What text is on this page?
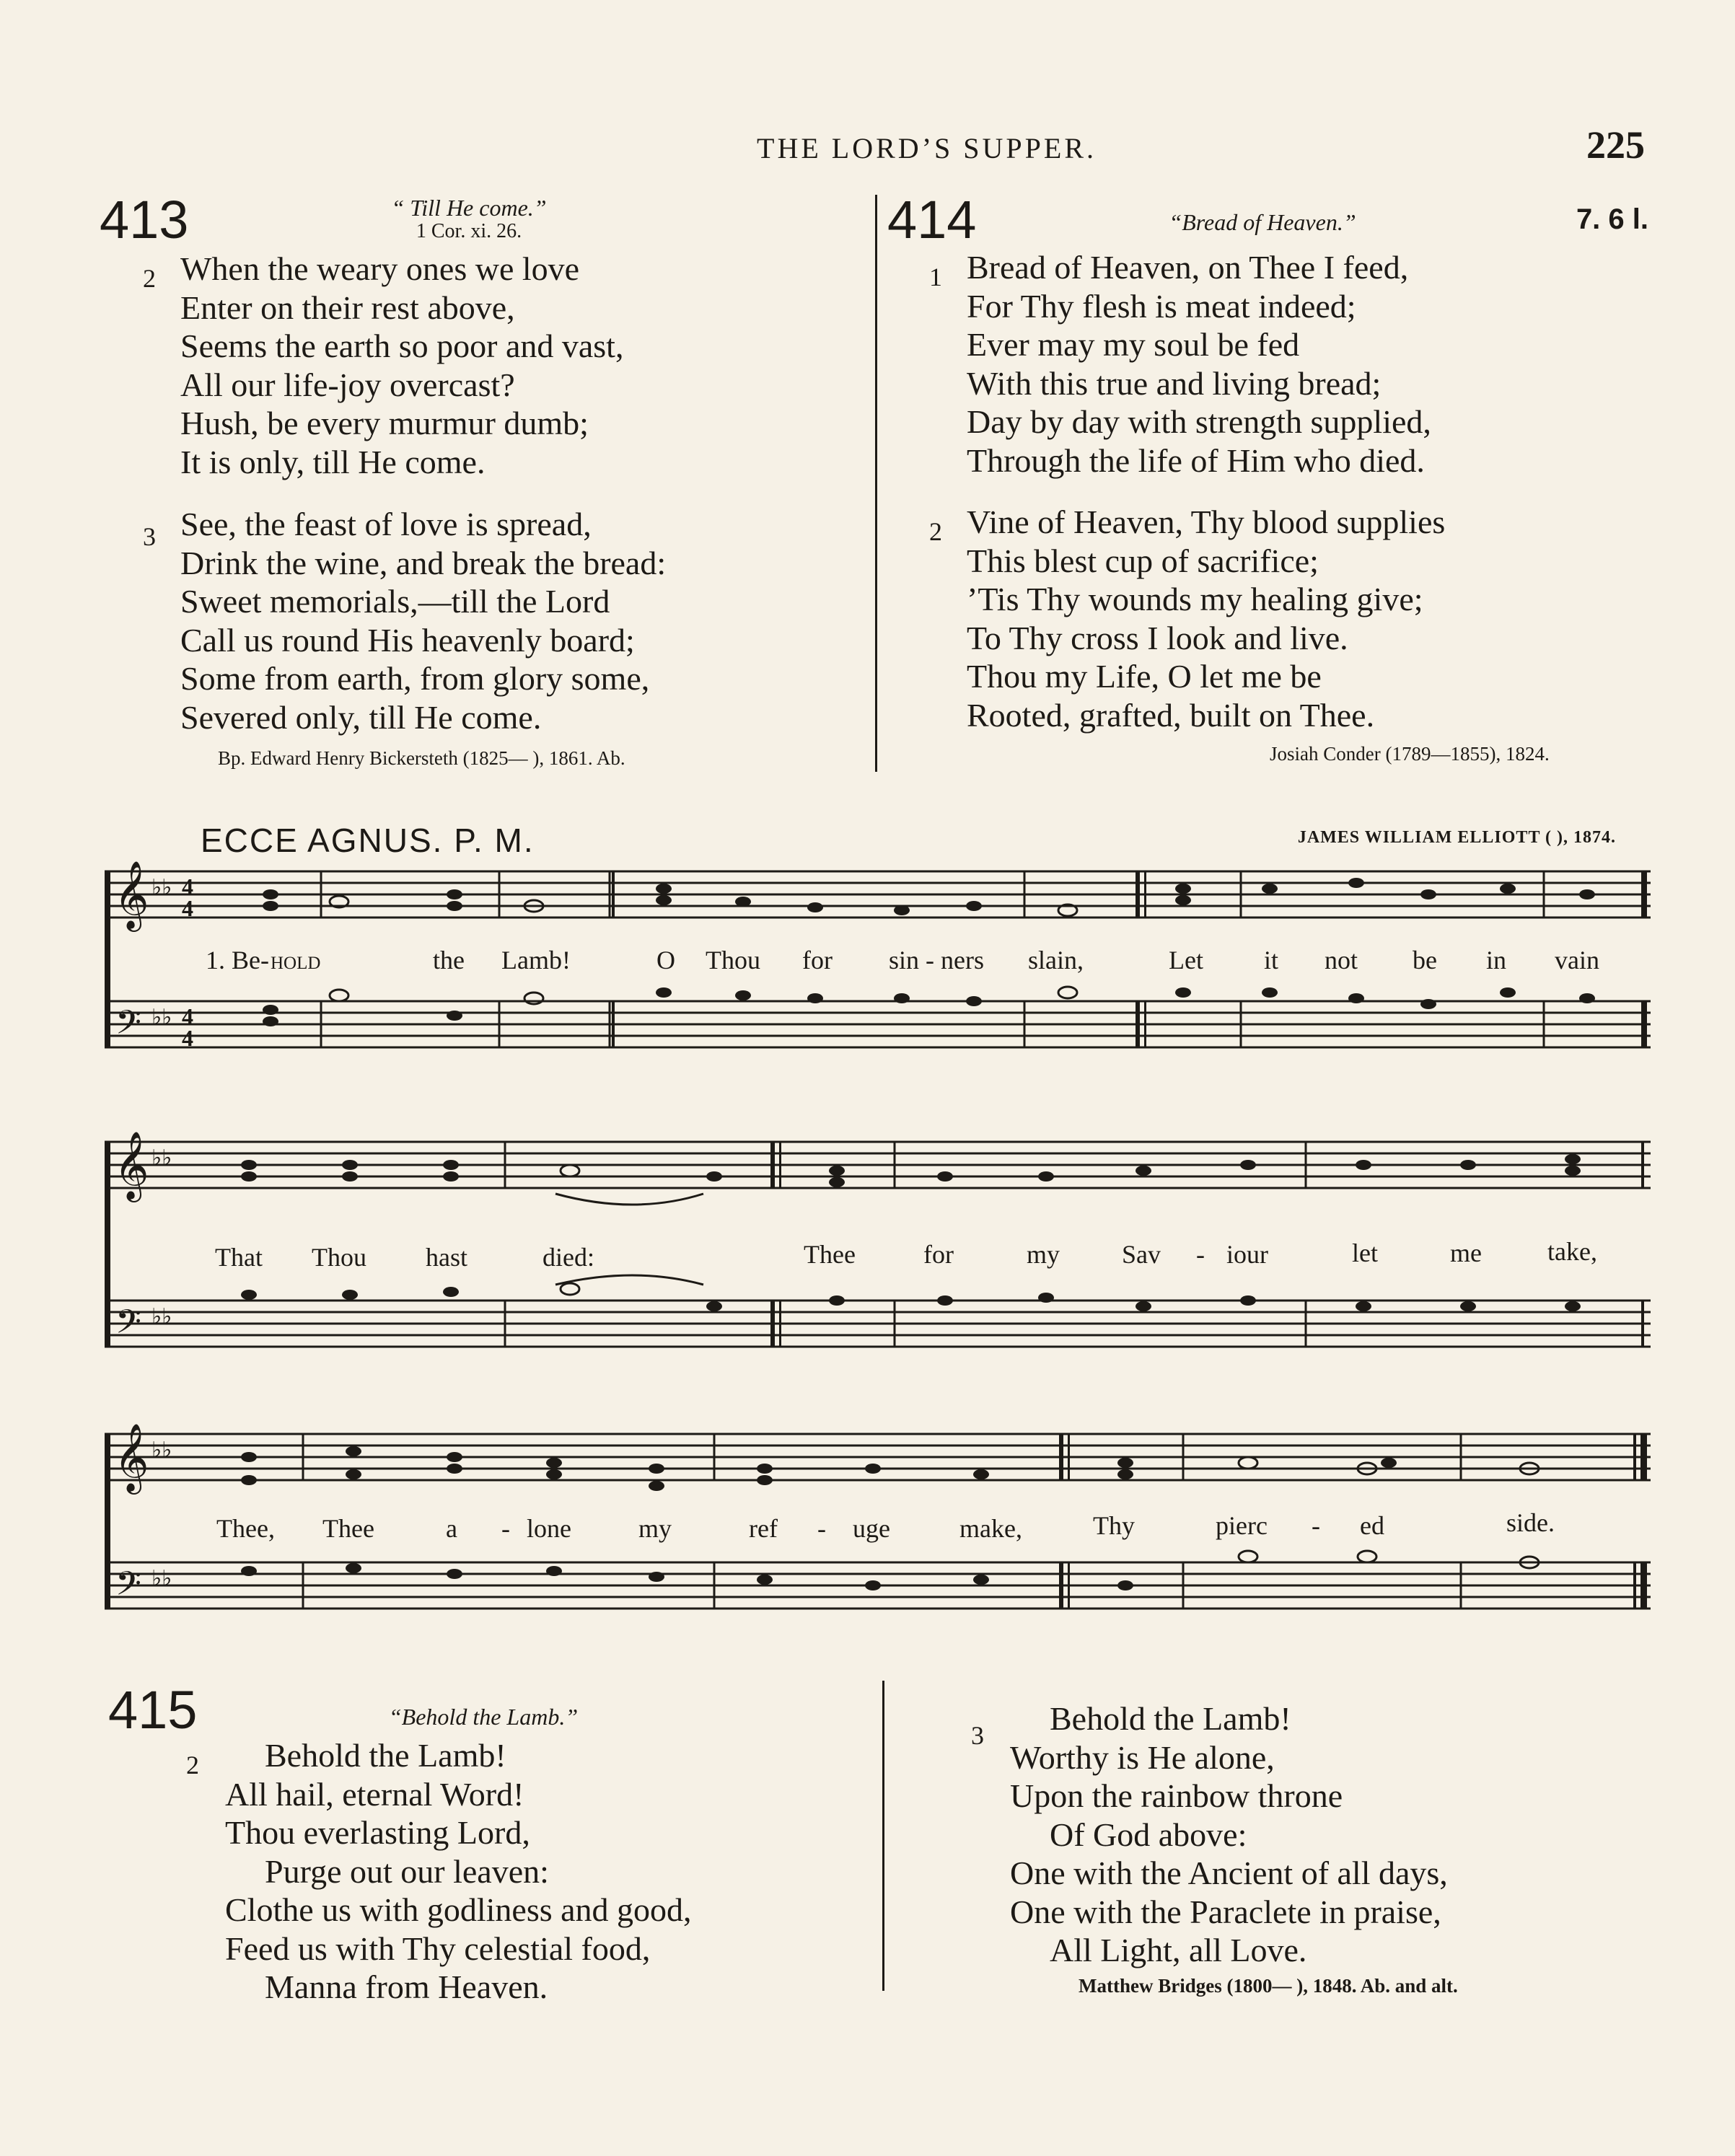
THE LORD’S SUPPER.	225
413	“ Till He come.”
1 Cor. xi. 26.
2 When the weary ones we love
Enter on their rest above,
Seems the earth so poor and vast,
All our life-joy overcast?
Hush, be every murmur dumb;
It is only, till He come.
3 See, the feast of love is spread,
Drink the wine, and break the bread:
Sweet memorials,—till the Lord
Call us round His heavenly board;
Some from earth, from glory some,
Severed only, till He come.
Bp. Edward Henry Bickersteth (1825— ), 1861. Ab.
414	“Bread of Heaven.”	7. 6 l.
1 Bread of Heaven, on Thee I feed,
For Thy flesh is meat indeed;
Ever may my soul be fed
With this true and living bread;
Day by day with strength supplied,
Through the life of Him who died.
2 Vine of Heaven, Thy blood supplies
This blest cup of sacrifice;
’Tis Thy wounds my healing give;
To Thy cross I look and live.
Thou my Life, O let me be
Rooted, grafted, built on Thee.
Josiah Conder (1789—1855), 1824.
ECCE AGNUS. P. M.	JAMES WILLIAM ELLIOTT ( ), 1874.
𝄞
𝄢
♭♭
♭♭
4
4
4
4
1. Be- hold	the Lamb!	O Thou for sin - ners slain,	Let it not be in vain
𝄞
𝄢
♭♭
♭♭
That Thou hast	died:	Thee	for	my Sav - iour	let	me	take,
𝄞
𝄢
♭♭
♭♭
Thee, Thee	a - lone	my	ref - uge	make,	Thy	pierc - ed	side.
415	“Behold the Lamb.”
2	Behold the Lamb!
All hail, eternal Word!
Thou everlasting Lord,
Purge out our leaven:
Clothe us with godliness and good,
Feed us with Thy celestial food,
Manna from Heaven.
3	Behold the Lamb!
Worthy is He alone,
Upon the rainbow throne
Of God above:
One with the Ancient of all days,
One with the Paraclete in praise,
All Light, all Love.
Matthew Bridges (1800— ), 1848. Ab. and alt.
